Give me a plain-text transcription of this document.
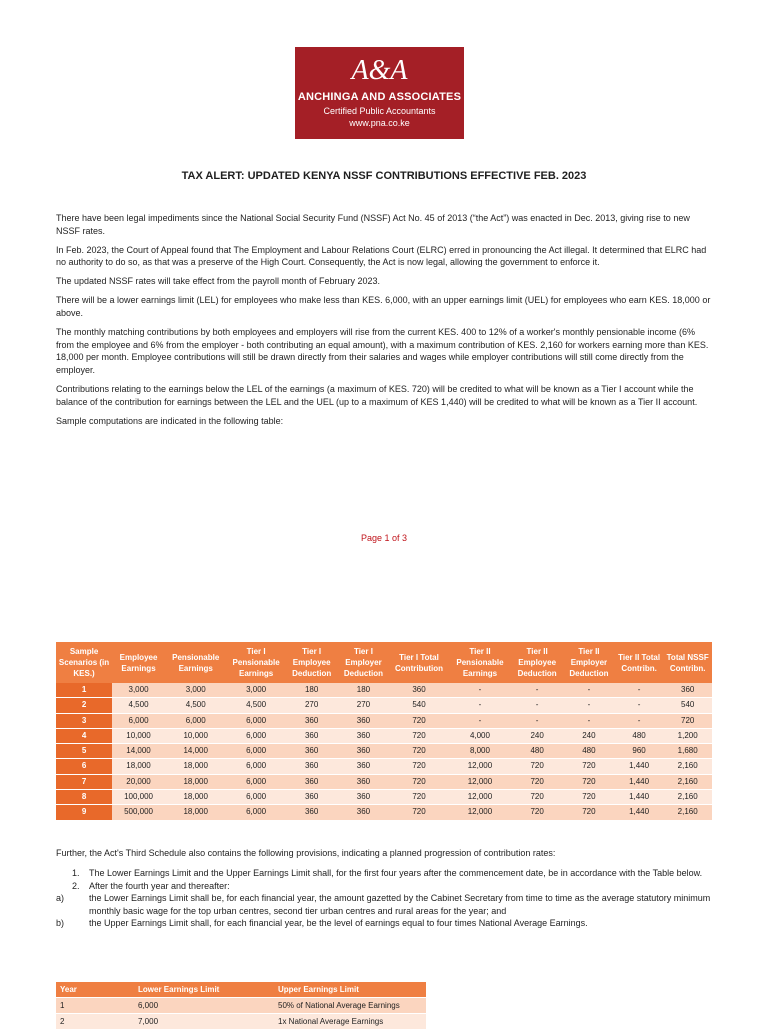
A&A
ANCHINGA AND ASSOCIATES
Certified Public Accountants
www.pna.co.ke
TAX ALERT: UPDATED KENYA NSSF CONTRIBUTIONS EFFECTIVE FEB. 2023

There have been legal impediments since the National Social Security Fund (NSSF) Act No. 45 of 2013 (“the Act”) was enacted in Dec. 2013, giving rise to new NSSF rates.

In Feb. 2023, the Court of Appeal found that The Employment and Labour Relations Court (ELRC) erred in pronouncing the Act illegal. It determined that ELRC had no authority to do so, as that was a preserve of the High Court. Consequently, the Act is now legal, allowing the government to enforce it.

The updated NSSF rates will take effect from the payroll month of February 2023.

There will be a lower earnings limit (LEL) for employees who make less than KES. 6,000, with an upper earnings limit (UEL) for employees who earn KES. 18,000 or above.

The monthly matching contributions by both employees and employers will rise from the current KES. 400 to 12% of a worker's monthly pensionable income (6% from the employee and 6% from the employer - both contributing an equal amount), with a maximum contribution of KES. 2,160 for workers earning more than KES. 18,000 per month. Employee contributions will still be drawn directly from their salaries and wages while employer contributions will still come directly from the employer.

Contributions relating to the earnings below the LEL of the earnings (a maximum of KES. 720) will be credited to what will be known as a Tier I account while the balance of the contribution for earnings between the LEL and the UEL (up to a maximum of KES 1,440) will be credited to what will be known as a Tier II account.

Sample computations are indicated in the following table:

Page 1 of 3
Sample Scenarios (in KES.)	Employee Earnings	Pensionable Earnings	Tier I Pensionable Earnings	Tier I Employee Deduction	Tier I Employer Deduction	Tier I Total Contribution	Tier II Pensionable Earnings	Tier II Employee Deduction	Tier II Employer Deduction	Tier II Total Contribn.	Total NSSF Contribn.
1	3,000	3,000	3,000	180	180	360	-	-	-	-	360
2	4,500	4,500	4,500	270	270	540	-	-	-	-	540
3	6,000	6,000	6,000	360	360	720	-	-	-	-	720
4	10,000	10,000	6,000	360	360	720	4,000	240	240	480	1,200
5	14,000	14,000	6,000	360	360	720	8,000	480	480	960	1,680
6	18,000	18,000	6,000	360	360	720	12,000	720	720	1,440	2,160
7	20,000	18,000	6,000	360	360	720	12,000	720	720	1,440	2,160
8	100,000	18,000	6,000	360	360	720	12,000	720	720	1,440	2,160
9	500,000	18,000	6,000	360	360	720	12,000	720	720	1,440	2,160
Further, the Act's Third Schedule also contains the following provisions, indicating a planned progression of contribution rates:
1.	The Lower Earnings Limit and the Upper Earnings Limit shall, for the first four years after the commencement date, be in accordance with the Table below.
2.	After the fourth year and thereafter:
a)	the Lower Earnings Limit shall be, for each financial year, the amount gazetted by the Cabinet Secretary from time to time as the average statutory minimum monthly basic wage for the top urban centres, second tier urban centres and rural areas for the year; and
b)	the Upper Earnings Limit shall, for each financial year, be the level of earnings equal to four times National Average Earnings.
Year	Lower Earnings Limit	Upper Earnings Limit
1	6,000	50% of National Average Earnings
2	7,000	1x National Average Earnings
